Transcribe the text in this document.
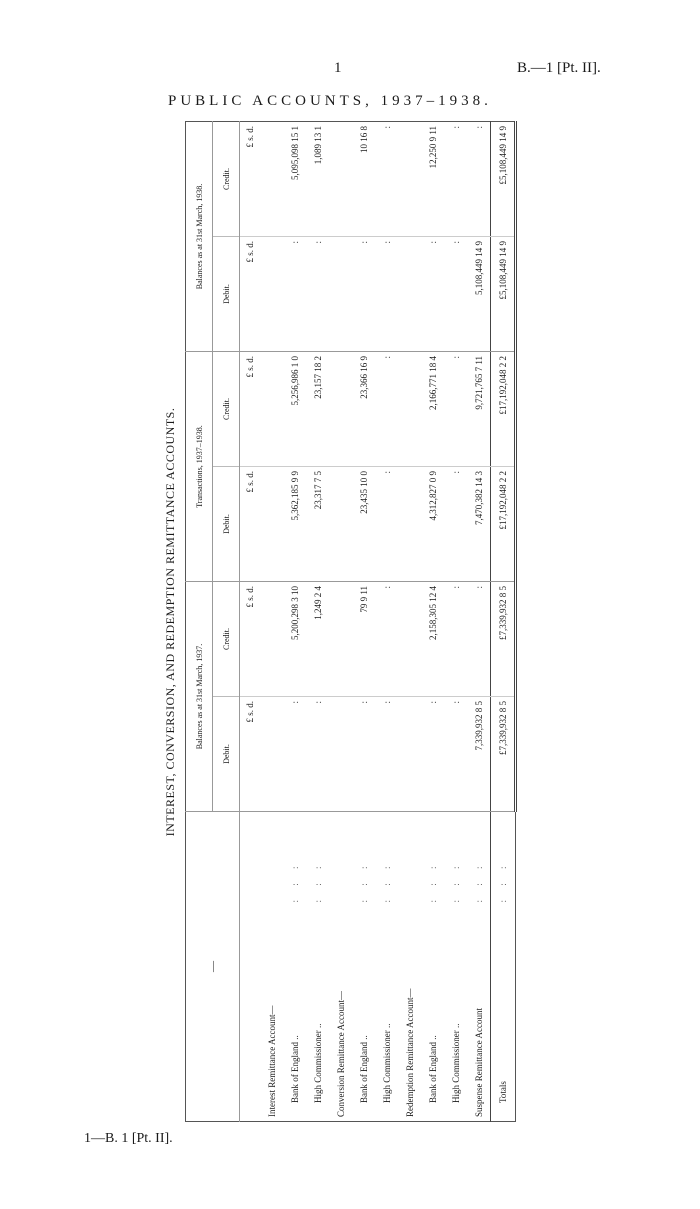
1	B.—1 [Pt. II].
PUBLIC ACCOUNTS, 1937–1938.
INTEREST, CONVERSION, AND REDEMPTION REMITTANCE ACCOUNTS.
—		Balances as at 31st March, 1937.		Transactions, 1937–1938.		Balances as at 31st March, 1938.	
		Debit.	Credit.	Debit.	Credit.	Debit.	Credit.
		£ s. d.	£ s. d.	£ s. d.	£ s. d.	£ s. d.	£ s. d.
Interest Remittance Account—							
Bank of England ..	: : :	:	5,200,298 3 10	5,362,185 9 9	5,256,986 1 0	:	5,095,098 15 1
High Commissioner ..	: : :	:	1,249 2 4	23,317 7 5	23,157 18 2	:	1,089 13 1
Conversion Remittance Account—							
Bank of England ..	: : :	:	79 9 11	23,435 10 0	23,366 16 9	:	10 16 8
High Commissioner ..	: : :	:	:	:	:	:	:
Redemption Remittance Account—							
Bank of England ..	: : :	:	2,158,305 12 4	4,312,827 0 9	2,166,771 18 4	:	12,250 9 11
High Commissioner ..	: : :	:	:	:	:	:	:
Suspense Remittance Account	: : :	7,339,932 8 5	:	7,470,382 14 3	9,721,765 7 11	5,108,449 14 9	:
Totals	: : :	£7,339,932 8 5	£7,339,932 8 5	£17,192,048 2 2	£17,192,048 2 2	£5,108,449 14 9	£5,108,449 14 9
1—B. 1 [Pt. II].
